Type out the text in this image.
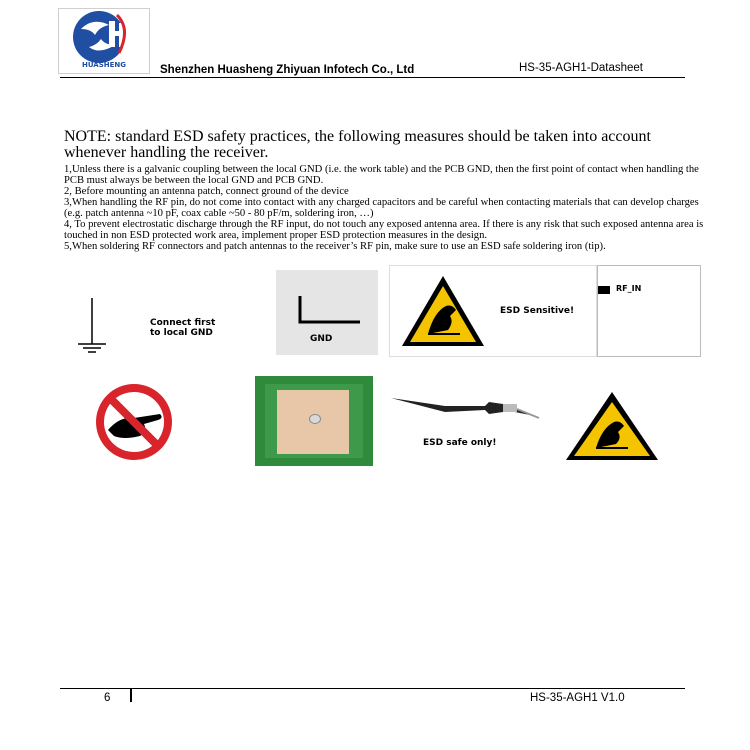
HUASHENG	Shenzhen Huasheng Zhiyuan Infotech Co., Ltd	HS-35-AGH1-Datasheet
NOTE: standard ESD safety practices, the following measures should be taken into account whenever handling the receiver.

1,Unless there is a galvanic coupling between the local GND (i.e. the work table) and the PCB GND, then the first point of contact when handling the PCB must always be between the local GND and PCB GND.

2, Before mounting an antenna patch, connect ground of the device

3,When handling the RF pin, do not come into contact with any charged capacitors and be careful when contacting materials that can develop charges (e.g. patch antenna ~10 pF, coax cable ~50 - 80 pF/m, soldering iron, …)

4, To prevent electrostatic discharge through the RF input, do not touch any exposed antenna area. If there is any risk that such exposed antenna area is touched in non ESD protected work area, implement proper ESD protection measures in the design.

5,When soldering RF connectors and patch antennas to the receiver’s RF pin, make sure to use an ESD safe soldering iron (tip).

Connect first
to local GND
GND
ESD Sensitive!
RF_IN
ESD safe only!
6	HS-35-AGH1 V1.0
